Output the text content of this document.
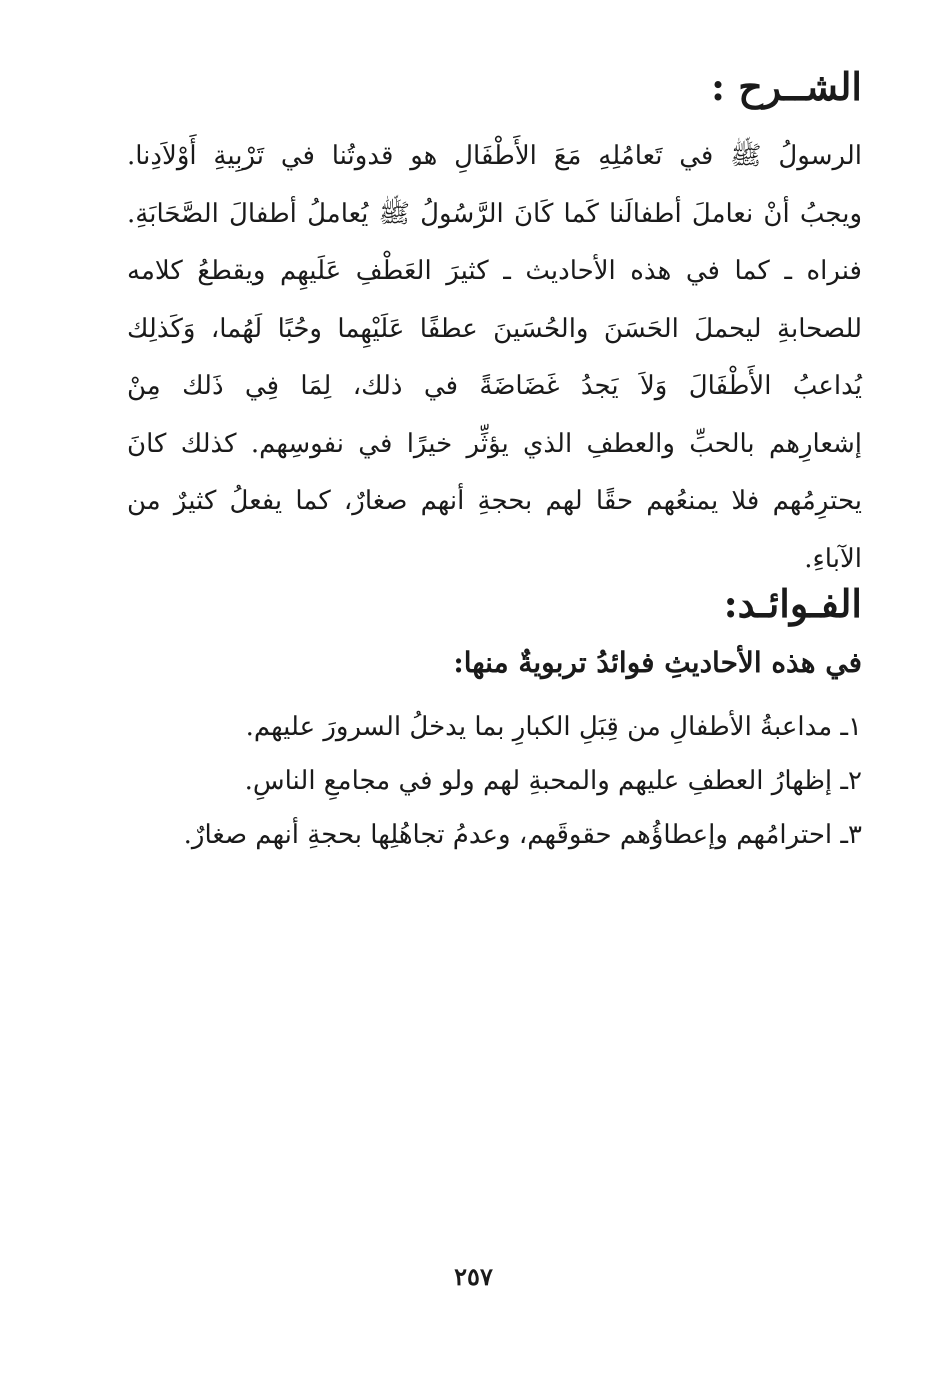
الشــرح :
الرسولُ ﷺ في تَعامُلِهِ مَعَ الأَطْفَالِ هو قدوتُنا في تَرْبِيةِ أَوْلاَدِنا.
ويجبُ أنْ نعاملَ أطفالَنا كَما كَانَ الرَّسُولُ ﷺ يُعاملُ أطفالَ الصَّحَابَةِ.
فنراه ـ كما في هذه الأحاديث ـ كثيرَ العَطْفِ عَلَيهِم ويقطعُ كلامه
للصحابةِ ليحملَ الحَسَنَ والحُسَينَ عطفًا عَلَيْهِما وحُبًا لَهُما، وَكَذلِك
يُداعبُ الأَطْفَالَ وَلاَ يَجدُ غَضَاضَةً في ذلك، لِمَا فِي ذَلك مِنْ
إشعارِهم بالحبِّ والعطفِ الذي يؤثِّر خيرًا في نفوسِهم. كذلك كانَ
يحترِمُهم فلا يمنعُهم حقًا لهم بحجةِ أنهم صغارٌ، كما يفعلُ كثيرٌ من
الآباءِ.
الفـوائـد:
في هذه الأحاديثِ فوائدُ تربويةٌ منها:
١ـ مداعبةُ الأطفالِ من قِبَلِ الكبارِ بما يدخلُ السرورَ عليهم.
٢ـ إظهارُ العطفِ عليهم والمحبةِ لهم ولو في مجامعِ الناسِ.
٣ـ احترامُهم وإعطاؤُهم حقوقَهم، وعدمُ تجاهُلِها بحجةِ أنهم صغارٌ.
٢٥٧
